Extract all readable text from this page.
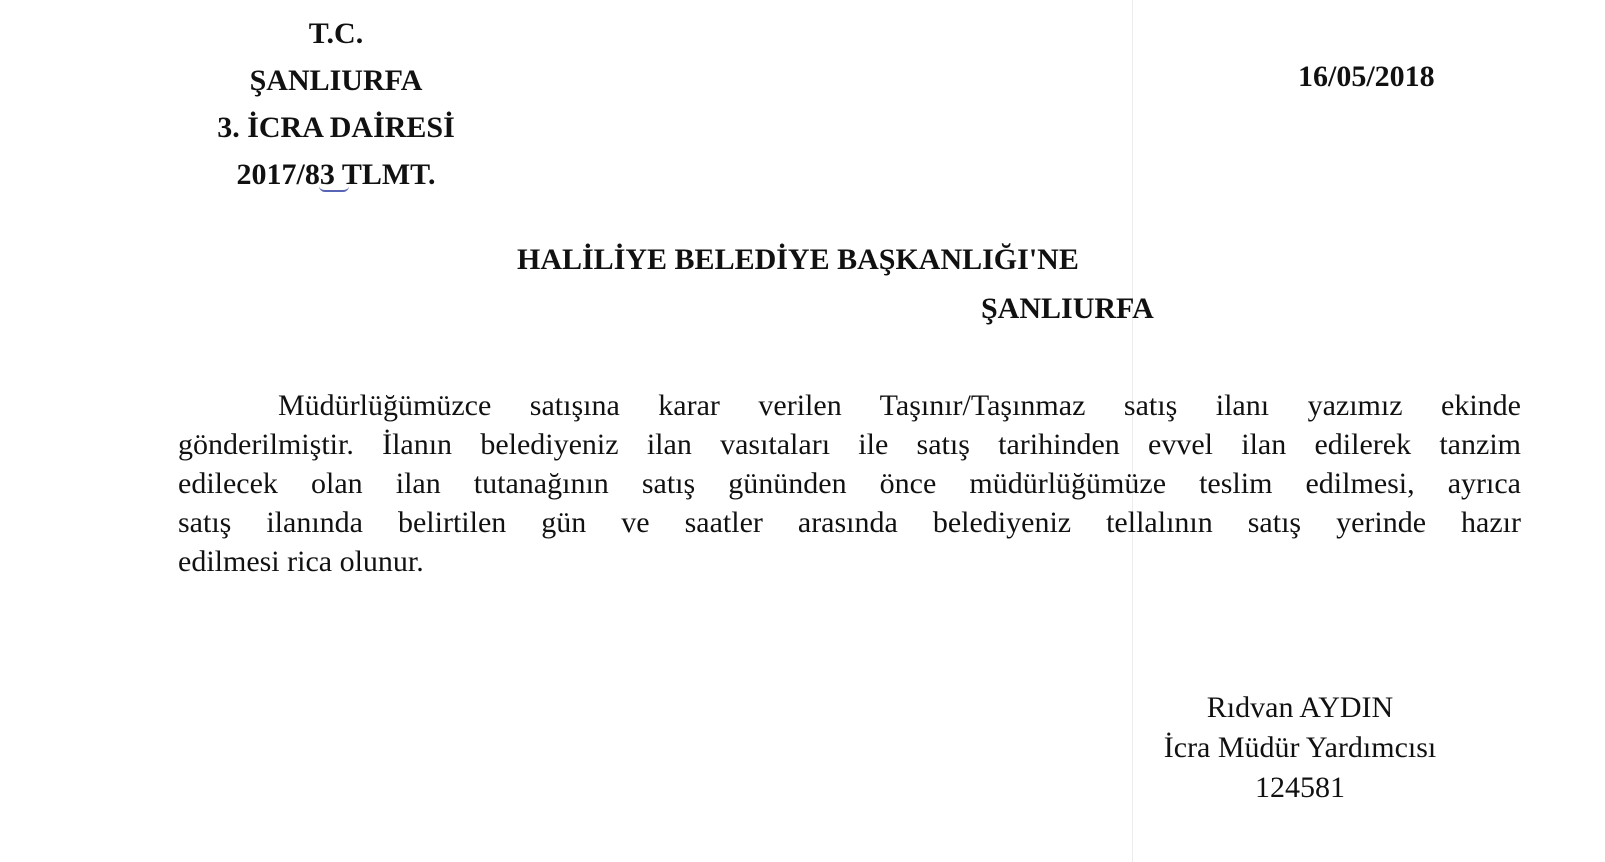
T.C.
ŞANLIURFA
3. İCRA DAİRESİ
2017/83 TLMT.
16/05/2018
HALİLİYE BELEDİYE BAŞKANLIĞI'NE
ŞANLIURFA
Müdürlüğümüzce satışına karar verilen Taşınır/Taşınmaz satış ilanı yazımız ekinde
gönderilmiştir. İlanın belediyeniz ilan vasıtaları ile satış tarihinden evvel ilan edilerek tanzim
edilecek olan ilan tutanağının satış gününden önce müdürlüğümüze teslim edilmesi, ayrıca
satış ilanında belirtilen gün ve saatler arasında belediyeniz tellalının satış yerinde hazır
edilmesi rica olunur.
Rıdvan AYDIN
İcra Müdür Yardımcısı
124581
